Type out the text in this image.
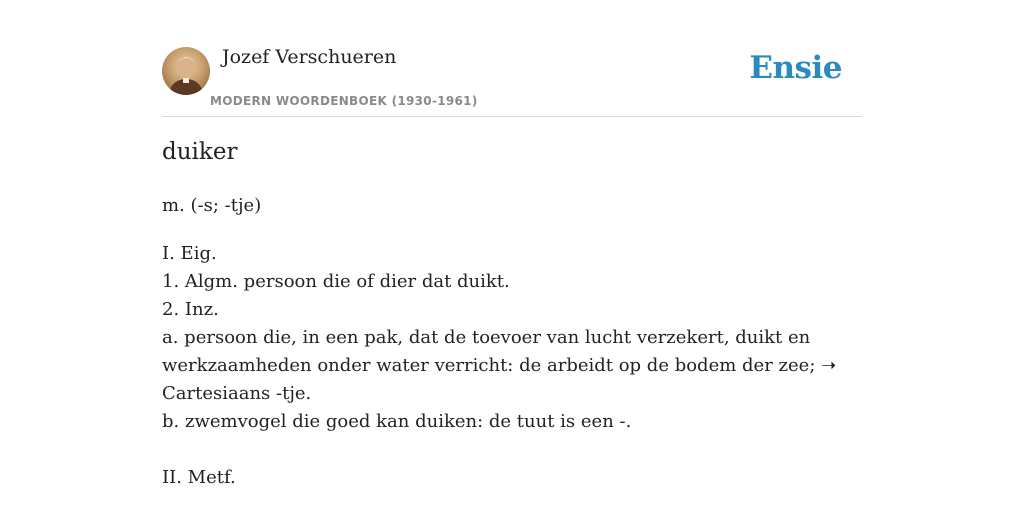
Jozef Verschueren
MODERN WOORDENBOEK (1930-1961)
Ensie
duiker
m. (-s; -tje)
I. Eig.
1. Algm. persoon die of dier dat duikt.
2. Inz.
a. persoon die, in een pak, dat de toevoer van lucht verzekert, duikt en
werkzaamheden onder water verricht: de arbeidt op de bodem der zee; ➝
Cartesiaans -tje.
b. zwemvogel die goed kan duiken: de tuut is een -.
II. Metf.
